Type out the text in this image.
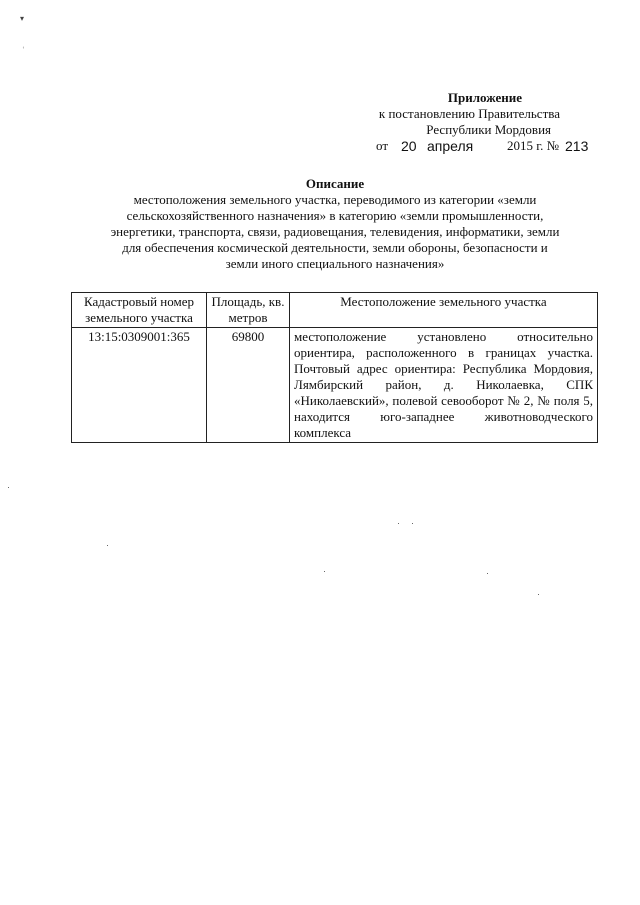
▾
˓
Приложение
к постановлению Правительства
Республики Мордовия
от 20 апреля	2015 г. № 213
Описание
местоположения земельного участка, переводимого из категории «земли
сельскохозяйственного назначения» в категорию «земли промышленности,
энергетики, транспорта, связи, радиовещания, телевидения, информатики, земли
для обеспечения космической деятельности, земли обороны, безопасности и
земли иного специального назначения»
Кадастровый номер земельного участка	Площадь, кв. метров	Местоположение земельного участка
13:15:0309001:365	69800	местоположение установлено относительно ориентира, расположенного в границах участка. Почтовый адрес ориентира: Республика Мордовия, Лямбирский район, д. Николаевка, СПК «Николаевский», полевой севооборот № 2, № поля 5, находится юго-западнее животноводческого комплекса
